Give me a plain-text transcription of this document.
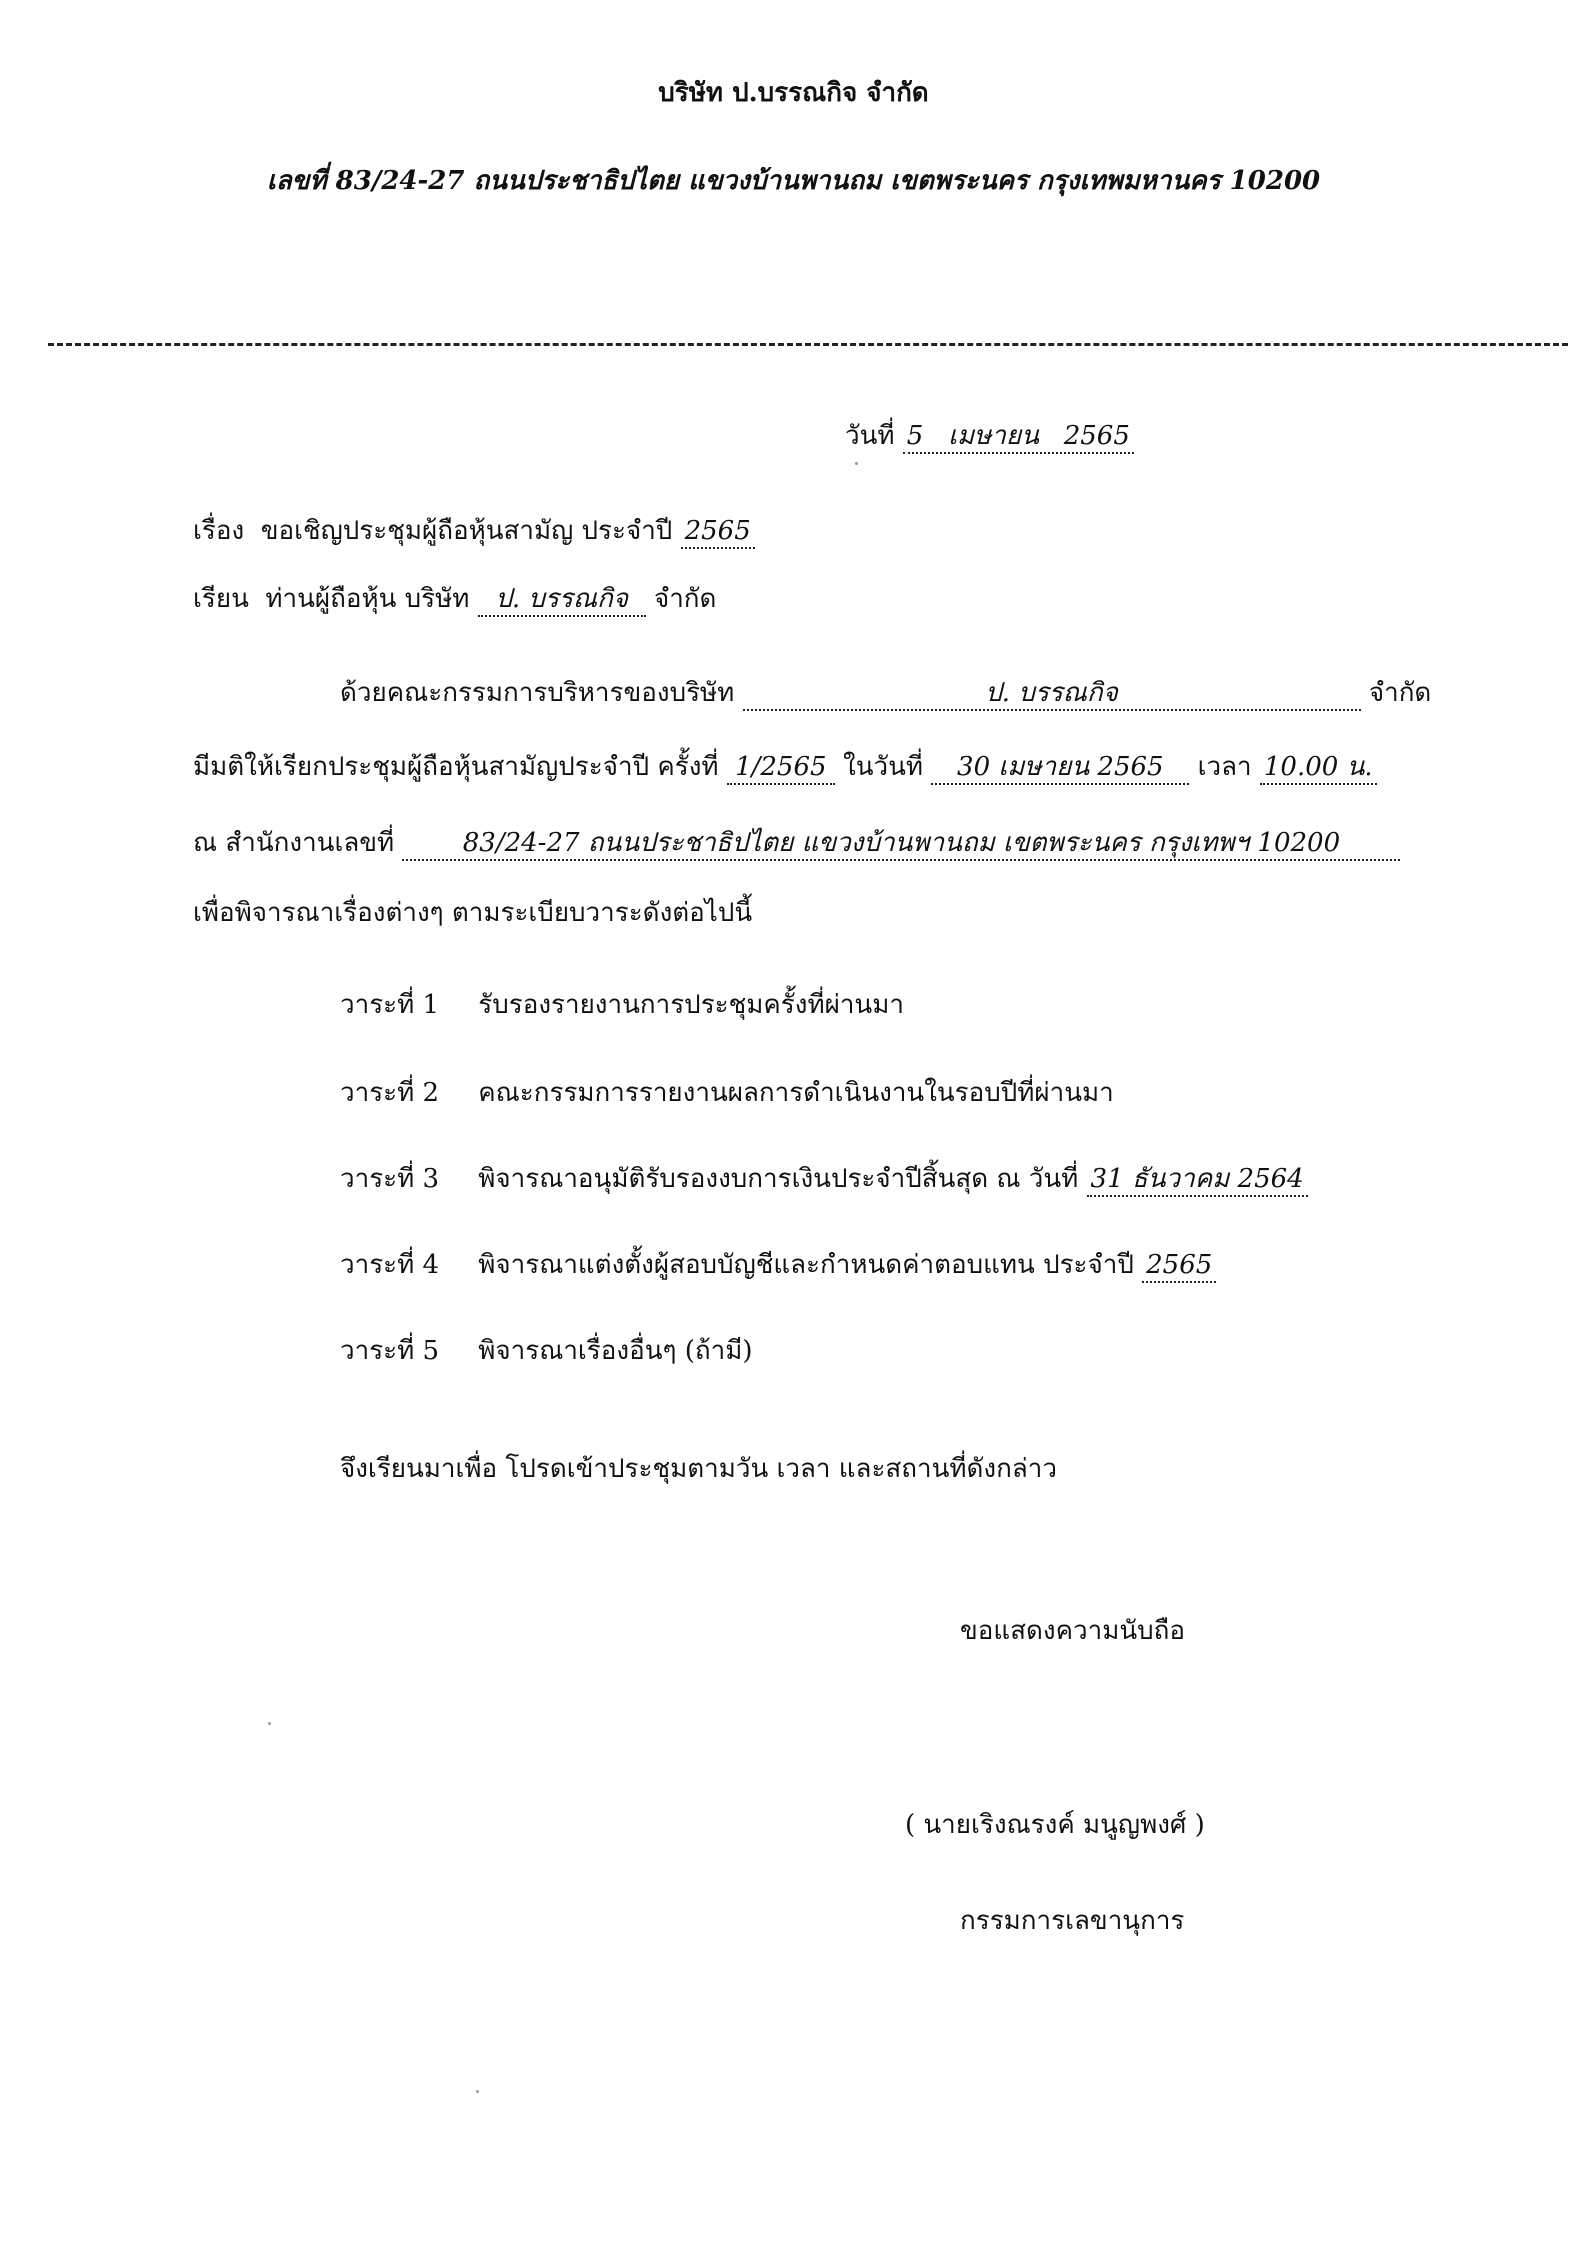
บริษัท ป.บรรณกิจ จำกัด
เลขที่ 83/24-27 ถนนประชาธิปไตย แขวงบ้านพานถม เขตพระนคร กรุงเทพมหานคร 10200
วันที่ 5 เมษายน 2565
เรื่อง ขอเชิญประชุมผู้ถือหุ้นสามัญ ประจำปี 2565
เรียน ท่านผู้ถือหุ้น บริษัท ป. บรรณกิจ จำกัด
ด้วยคณะกรรมการบริหารของบริษัท	ป. บรรณกิจ	จำกัด
มีมติให้เรียกประชุมผู้ถือหุ้นสามัญประจำปี ครั้งที่ 1/2565 ในวันที่ 30 เมษายน 2565 เวลา 10.00 น.
ณ สำนักงานเลขที่	83/24-27 ถนนประชาธิปไตย แขวงบ้านพานถม เขตพระนคร กรุงเทพฯ 10200
เพื่อพิจารณาเรื่องต่างๆ ตามระเบียบวาระดังต่อไปนี้
วาระที่ 1 รับรองรายงานการประชุมครั้งที่ผ่านมา
วาระที่ 2 คณะกรรมการรายงานผลการดำเนินงานในรอบปีที่ผ่านมา
วาระที่ 3 พิจารณาอนุมัติรับรองงบการเงินประจำปีสิ้นสุด ณ วันที่ 31 ธันวาคม 2564
วาระที่ 4 พิจารณาแต่งตั้งผู้สอบบัญชีและกำหนดค่าตอบแทน ประจำปี 2565
วาระที่ 5 พิจารณาเรื่องอื่นๆ (ถ้ามี)
จึงเรียนมาเพื่อ โปรดเข้าประชุมตามวัน เวลา และสถานที่ดังกล่าว
ขอแสดงความนับถือ
( นายเริงณรงค์ มนูญพงศ์ )
กรรมการเลขานุการ
